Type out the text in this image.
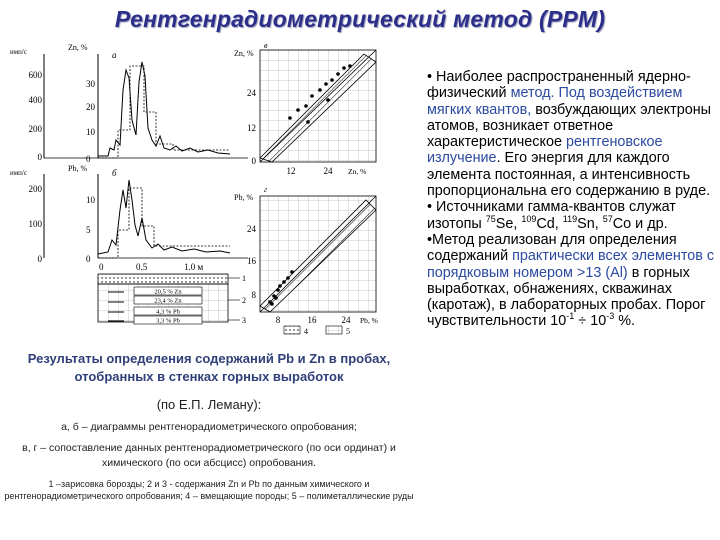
Рентгенрадиометрический метод (РРМ)
имп/с	Zn, %
а
600
400
200
0
30
20
10
0
имп/с	Pb, %	б
200
100
0
10
5
0
0	0.5	1.0 м
20,5 % Zn
23,4 % Zn
4,3 % Pb
3,3 % Pb
1
2
3
4	5
Zn, %
в
24
12
0
12	24 Zn, %
Pb, %
г
24
16
8
8	16	24 Pb, %
Результаты определения содержаний Pb и Zn в пробах, отобранных в стенках горных выработок
(по Е.П. Леману):
а, б – диаграммы рентгенорадиометрического опробования;
в, г – сопоставление данных рентгенорадиометрического (по оси ординат) и химического (по оси абсцисс) опробования.
1 –зарисовка борозды; 2 и 3 - содержания Zn и Pb по данным химического и рентгенорадиометрического опробования; 4 – вмещающие породы; 5 – полиметаллические руды

• Наиболее распространенный ядерно-физический метод. Под воздействием мягких квантов, возбуждающих электроны атомов, возникает ответное характеристическое рентгеновское излучение. Его энергия для каждого элемента постоянная, а интенсивность пропорциональна его содержанию в руде.

• Источниками гамма-квантов служат изотопы $^{75}$Se, $^{109}$Cd, $^{119}$Sn, $^{57}$Co и др.

•Метод реализован для определения содержаний практически всех элементов с порядковым номером >13 (Al) в горных выработках, обнажениях, скважинах (каротаж), в лабораторных пробах. Порог чувствительности $10^{-1} \div 10^{-3}$ %.
